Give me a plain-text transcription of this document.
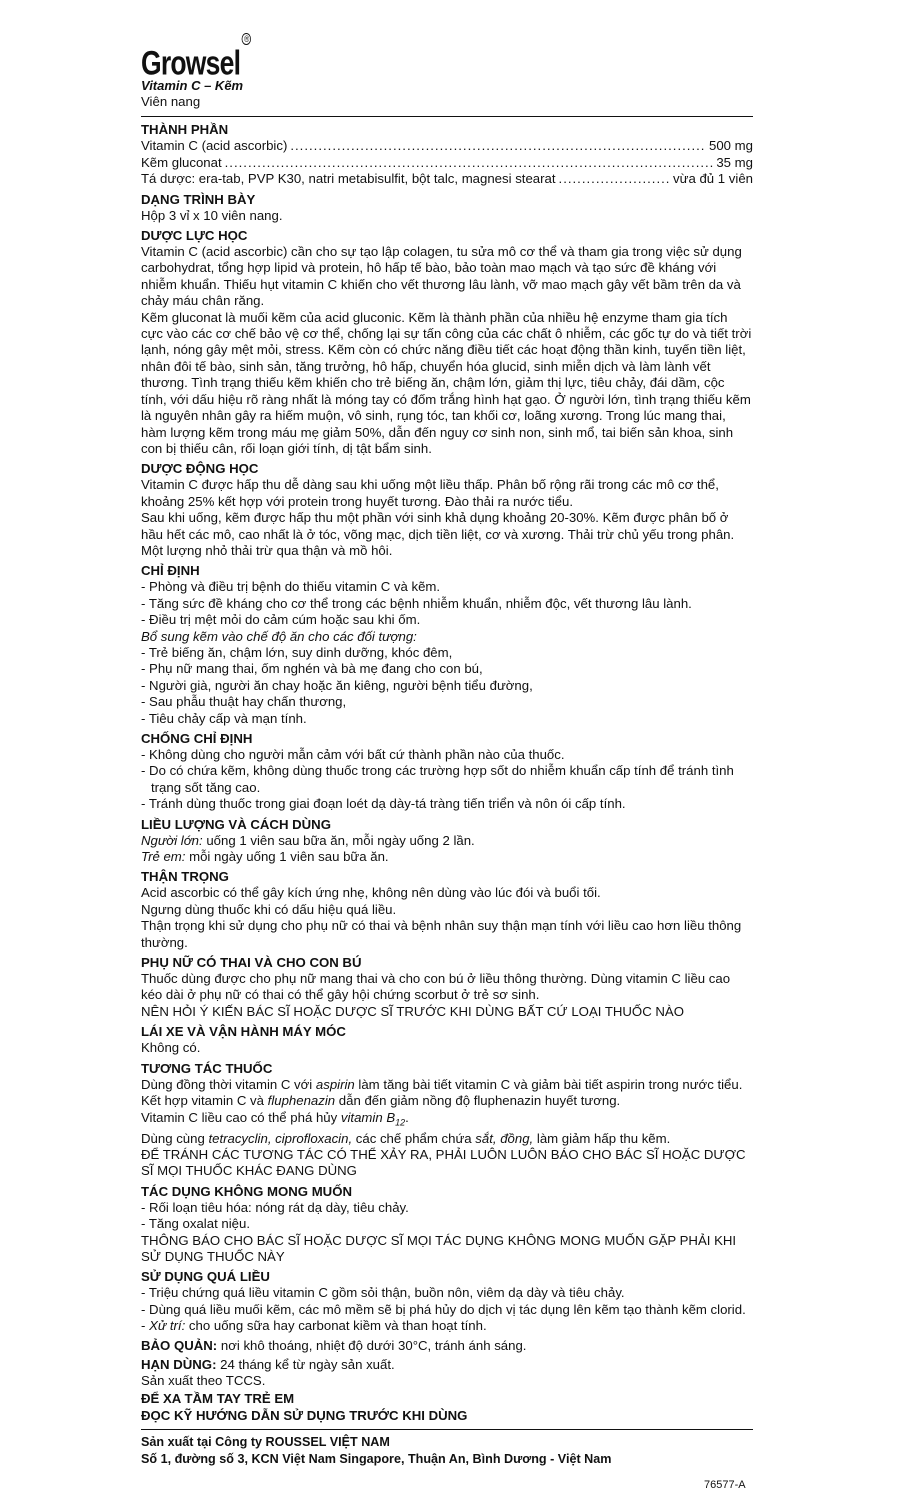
Growsel®
Vitamin C – Kẽm
Viên nang
THÀNH PHẦN
Vitamin C (acid ascorbic) .....	500 mg
Kẽm gluconat .....	35 mg
Tá dược: era-tab, PVP K30, natri metabisulfit, bột talc, magnesi stearat .....	vừa đủ 1 viên
DẠNG TRÌNH BÀY
Hộp 3 vỉ x 10 viên nang.
DƯỢC LỰC HỌC
Vitamin C (acid ascorbic) cần cho sự tạo lập colagen, tu sửa mô cơ thể và tham gia trong việc sử dụng carbohydrat, tổng hợp lipid và protein, hô hấp tế bào, bảo toàn mao mạch và tạo sức đề kháng với nhiễm khuẩn. Thiếu hụt vitamin C khiến cho vết thương lâu lành, vỡ mao mạch gây vết bầm trên da và chảy máu chân răng.
Kẽm gluconat là muối kẽm của acid gluconic. Kẽm là thành phần của nhiều hệ enzyme tham gia tích cực vào các cơ chế bảo vệ cơ thể, chống lại sự tấn công của các chất ô nhiễm, các gốc tự do và tiết trời lạnh, nóng gây mệt mỏi, stress. Kẽm còn có chức năng điều tiết các hoạt động thần kinh, tuyến tiền liệt, nhân đôi tế bào, sinh sản, tăng trưởng, hô hấp, chuyển hóa glucid, sinh miễn dịch và làm lành vết thương. Tình trạng thiếu kẽm khiến cho trẻ biếng ăn, chậm lớn, giảm thị lực, tiêu chảy, đái dầm, cộc tính, với dấu hiệu rõ ràng nhất là móng tay có đốm trắng hình hạt gạo. Ở người lớn, tình trạng thiếu kẽm là nguyên nhân gây ra hiếm muộn, vô sinh, rụng tóc, tan khối cơ, loãng xương. Trong lúc mang thai, hàm lượng kẽm trong máu mẹ giảm 50%, dẫn đến nguy cơ sinh non, sinh mổ, tai biến sản khoa, sinh con bị thiếu cân, rối loạn giới tính, dị tật bẩm sinh.
DƯỢC ĐỘNG HỌC
Vitamin C được hấp thu dễ dàng sau khi uống một liều thấp. Phân bố rộng rãi trong các mô cơ thể, khoảng 25% kết hợp với protein trong huyết tương. Đào thải ra nước tiểu.
Sau khi uống, kẽm được hấp thu một phần với sinh khả dụng khoảng 20-30%. Kẽm được phân bố ở hầu hết các mô, cao nhất là ở tóc, võng mạc, dịch tiền liệt, cơ và xương. Thải trừ chủ yếu trong phân. Một lượng nhỏ thải trừ qua thận và mồ hôi.
CHỈ ĐỊNH
- Phòng và điều trị bệnh do thiếu vitamin C và kẽm.
- Tăng sức đề kháng cho cơ thể trong các bệnh nhiễm khuẩn, nhiễm độc, vết thương lâu lành.
- Điều trị mệt mỏi do cảm cúm hoặc sau khi ốm.
Bổ sung kẽm vào chế độ ăn cho các đối tượng:
- Trẻ biếng ăn, chậm lớn, suy dinh dưỡng, khóc đêm,
- Phụ nữ mang thai, ốm nghén và bà mẹ đang cho con bú,
- Người già, người ăn chay hoặc ăn kiêng, người bệnh tiểu đường,
- Sau phẫu thuật hay chấn thương,
- Tiêu chảy cấp và mạn tính.
CHỐNG CHỈ ĐỊNH
- Không dùng cho người mẫn cảm với bất cứ thành phần nào của thuốc.
- Do có chứa kẽm, không dùng thuốc trong các trường hợp sốt do nhiễm khuẩn cấp tính để tránh tình trạng sốt tăng cao.
- Tránh dùng thuốc trong giai đoạn loét dạ dày-tá tràng tiến triển và nôn ói cấp tính.
LIỀU LƯỢNG VÀ CÁCH DÙNG
Người lớn: uống 1 viên sau bữa ăn, mỗi ngày uống 2 lần.
Trẻ em: mỗi ngày uống 1 viên sau bữa ăn.
THẬN TRỌNG
Acid ascorbic có thể gây kích ứng nhẹ, không nên dùng vào lúc đói và buổi tối.
Ngưng dùng thuốc khi có dấu hiệu quá liều.
Thận trọng khi sử dụng cho phụ nữ có thai và bệnh nhân suy thận mạn tính với liều cao hơn liều thông thường.
PHỤ NỮ CÓ THAI VÀ CHO CON BÚ
Thuốc dùng được cho phụ nữ mang thai và cho con bú ở liều thông thường. Dùng vitamin C liều cao kéo dài ở phụ nữ có thai có thể gây hội chứng scorbut ở trẻ sơ sinh.
NÊN HỎI Ý KIẾN BÁC SĨ HOẶC DƯỢC SĨ TRƯỚC KHI DÙNG BẤT CỨ LOẠI THUỐC NÀO
LÁI XE VÀ VẬN HÀNH MÁY MÓC
Không có.
TƯƠNG TÁC THUỐC
Dùng đồng thời vitamin C với aspirin làm tăng bài tiết vitamin C và giảm bài tiết aspirin trong nước tiểu.
Kết hợp vitamin C và fluphenazin dẫn đến giảm nồng độ fluphenazin huyết tương.
Vitamin C liều cao có thể phá hủy vitamin $B_{12}$.
Dùng cùng tetracyclin, ciprofloxacin, các chế phẩm chứa sắt, đồng, làm giảm hấp thu kẽm.
ĐỂ TRÁNH CÁC TƯƠNG TÁC CÓ THỂ XẢY RA, PHẢI LUÔN LUÔN BÁO CHO BÁC SĨ HOẶC DƯỢC SĨ MỌI THUỐC KHÁC ĐANG DÙNG
TÁC DỤNG KHÔNG MONG MUỐN
- Rối loạn tiêu hóa: nóng rát dạ dày, tiêu chảy.
- Tăng oxalat niệu.
THÔNG BÁO CHO BÁC SĨ HOẶC DƯỢC SĨ MỌI TÁC DỤNG KHÔNG MONG MUỐN GẶP PHẢI KHI SỬ DỤNG THUỐC NÀY
SỬ DỤNG QUÁ LIỀU
- Triệu chứng quá liều vitamin C gồm sỏi thận, buồn nôn, viêm dạ dày và tiêu chảy.
- Dùng quá liều muối kẽm, các mô mềm sẽ bị phá hủy do dịch vị tác dụng lên kẽm tạo thành kẽm clorid.
- Xử trí: cho uống sữa hay carbonat kiềm và than hoạt tính.
BẢO QUẢN: nơi khô thoáng, nhiệt độ dưới 30°C, tránh ánh sáng.
HẠN DÙNG: 24 tháng kể từ ngày sản xuất.
Sản xuất theo TCCS.
ĐỂ XA TẦM TAY TRẺ EM
ĐỌC KỸ HƯỚNG DẪN SỬ DỤNG TRƯỚC KHI DÙNG
Sản xuất tại Công ty ROUSSEL VIỆT NAM
Số 1, đường số 3, KCN Việt Nam Singapore, Thuận An, Bình Dương - Việt Nam
76577-A
